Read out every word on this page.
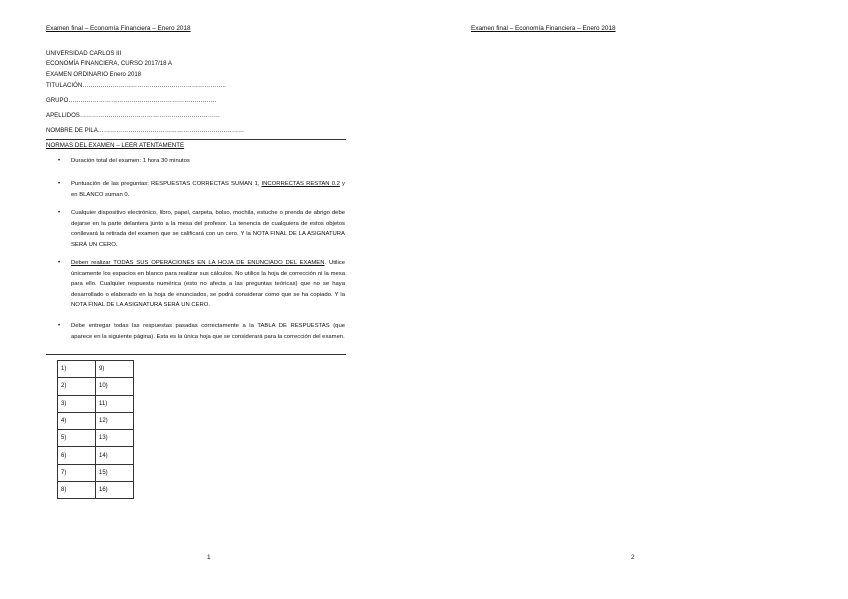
Examen final – Economía Financiera – Enero 2018
UNIVERSIDAD CARLOS III
ECONOMÍA FINANCIERA, CURSO 2017/18 A
EXAMEN ORDINARIO Enero 2018
TITULACIÓN……………………………………………………………..
GRUPO……………………………………………………………….
APELLIDOS……………………………………………………………
NOMBRE DE PILA………………………………………………………………
NORMAS DEL EXAMEN – LEER ATENTAMENTE
• Duración total del examen: 1 hora 30 minutos
• Puntuación de las preguntas: RESPUESTAS CORRECTAS SUMAN 1, INCORRECTAS RESTAN 0.2 y en BLANCO suman 0.
• Cualquier dispositivo electrónico, libro, papel, carpeta, bolso, mochila, estuche o prenda de abrigo debe dejarse en la parte delantera junto a la mesa del profesor. La tenencia de cualquiera de estos objetos conllevará la retirada del examen que se calificará con un cero. Y la NOTA FINAL DE LA ASIGNATURA SERÁ UN CERO.
• Deben realizar TODAS SUS OPERACIONES EN LA HOJA DE ENUNCIADO DEL EXAMEN. Utilice únicamente los espacios en blanco para realizar sus cálculos. No utilice la hoja de corrección ni la mesa para ello. Cualquier respuesta numérica (esto no afecta a las preguntas teóricas) que no se haya desarrollado o elaborado en la hoja de enunciados, se podrá considerar como que se ha copiado. Y la NOTA FINAL DE LA ASIGNATURA SERÁ UN CERO.
• Debe entregar todas las respuestas pasadas correctamente a la TABLA DE RESPUESTAS (que aparece en la siguiente página). Esta es la única hoja que se considerará para la corrección del examen.
1)	9)
2)	10)
3)	11)
4)	12)
5)	13)
6)	14)
7)	15)
8)	16)
1
Examen final – Economía Financiera – Enero 2018
2
